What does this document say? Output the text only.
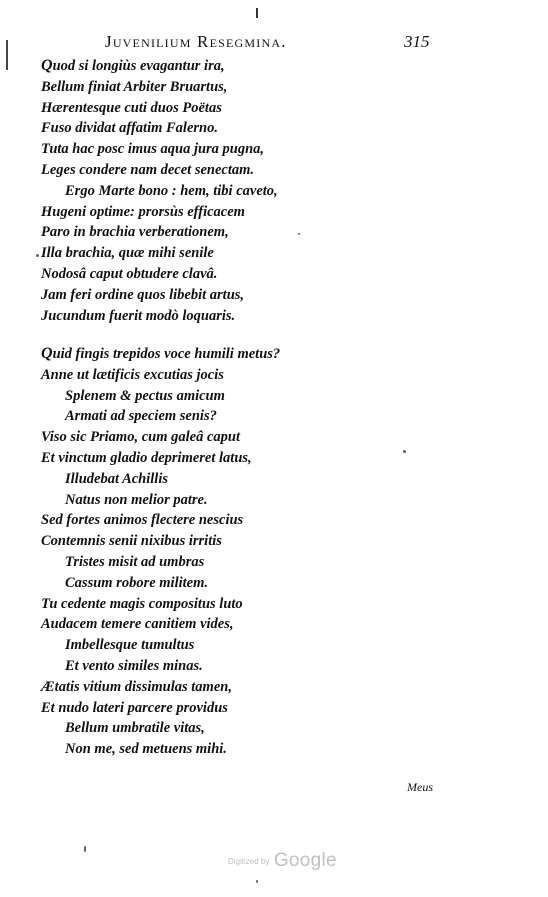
Juvenilium Resegmina.	315
Quod si longiùs evagantur ira,
Bellum finiat Arbiter Bruartus,
Hærentesque cuti duos Poëtas
Fuso dividat affatim Falerno.
Tuta hac posc imus aqua jura pugna,
Leges condere nam decet senectam.
Ergo Marte bono : hem, tibi caveto,
Hugeni optime: prorsùs efficacem
Paro in brachia verberationem,
Illa brachia, quæ mihi senile
Nodosâ caput obtudere clavâ.
Jam feri ordine quos libebit artus,
Jucundum fuerit modò loquaris.
Quid fingis trepidos voce humili metus?
Anne ut lætificis excutias jocis
Splenem & pectus amicum
Armati ad speciem senis?
Viso sic Priamo, cum galeâ caput
Et vinctum gladio deprimeret latus,
Illudebat Achillis
Natus non melior patre.
Sed fortes animos flectere nescius
Contemnis senii nixibus irritis
Tristes misit ad umbras
Cassum robore militem.
Tu cedente magis compositus luto
Audacem temere canitiem vides,
Imbellesque tumultus
Et vento similes minas.
Ætatis vitium dissimulas tamen,
Et nudo lateri parcere providus
Bellum umbratile vitas,
Non me, sed metuens mihi.
Meus
Digitized by Google
